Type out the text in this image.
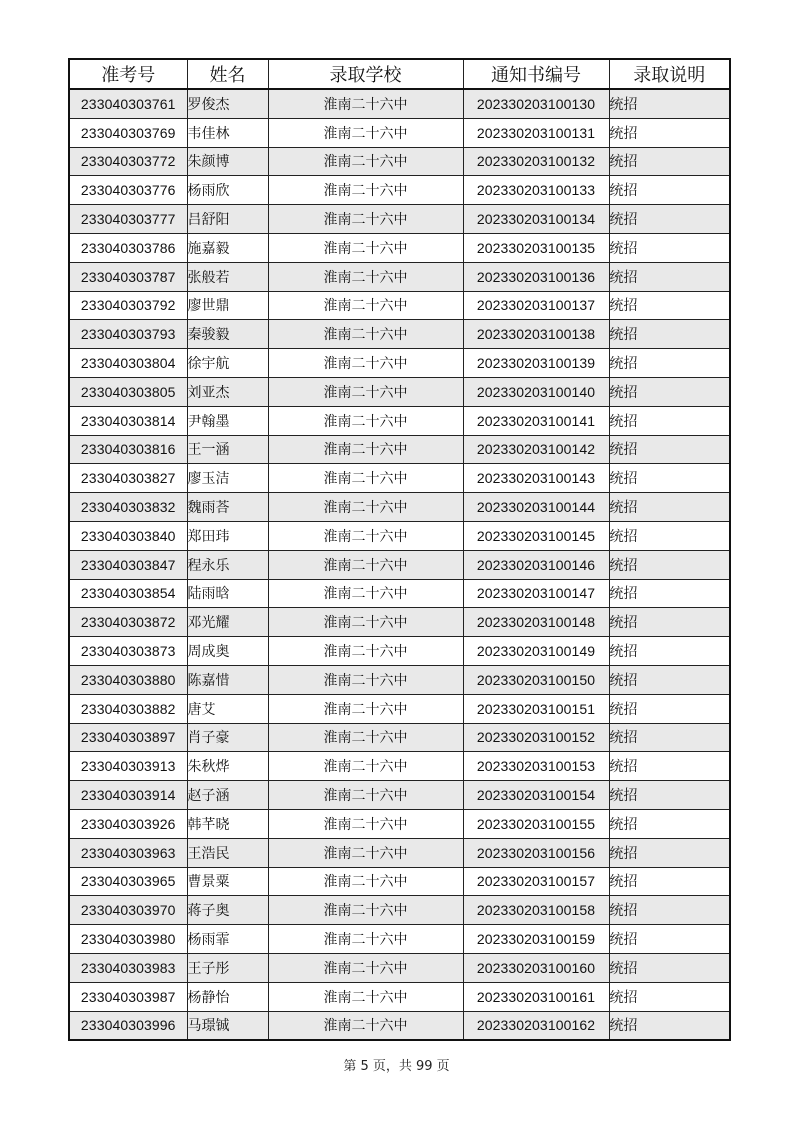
准考号	姓名	录取学校	通知书编号	录取说明
233040303761	罗俊杰	淮南二十六中	202330203100130	统招
233040303769	韦佳林	淮南二十六中	202330203100131	统招
233040303772	朱颜博	淮南二十六中	202330203100132	统招
233040303776	杨雨欣	淮南二十六中	202330203100133	统招
233040303777	吕舒阳	淮南二十六中	202330203100134	统招
233040303786	施嘉毅	淮南二十六中	202330203100135	统招
233040303787	张般若	淮南二十六中	202330203100136	统招
233040303792	廖世鼎	淮南二十六中	202330203100137	统招
233040303793	秦骏毅	淮南二十六中	202330203100138	统招
233040303804	徐宇航	淮南二十六中	202330203100139	统招
233040303805	刘亚杰	淮南二十六中	202330203100140	统招
233040303814	尹翰墨	淮南二十六中	202330203100141	统招
233040303816	王一涵	淮南二十六中	202330203100142	统招
233040303827	廖玉洁	淮南二十六中	202330203100143	统招
233040303832	魏雨荅	淮南二十六中	202330203100144	统招
233040303840	郑田玮	淮南二十六中	202330203100145	统招
233040303847	程永乐	淮南二十六中	202330203100146	统招
233040303854	陆雨晗	淮南二十六中	202330203100147	统招
233040303872	邓光耀	淮南二十六中	202330203100148	统招
233040303873	周成奥	淮南二十六中	202330203100149	统招
233040303880	陈嘉惜	淮南二十六中	202330203100150	统招
233040303882	唐艾	淮南二十六中	202330203100151	统招
233040303897	肖子豪	淮南二十六中	202330203100152	统招
233040303913	朱秋烨	淮南二十六中	202330203100153	统招
233040303914	赵子涵	淮南二十六中	202330203100154	统招
233040303926	韩芊晓	淮南二十六中	202330203100155	统招
233040303963	王浩民	淮南二十六中	202330203100156	统招
233040303965	曹景粟	淮南二十六中	202330203100157	统招
233040303970	蒋子奥	淮南二十六中	202330203100158	统招
233040303980	杨雨霏	淮南二十六中	202330203100159	统招
233040303983	王子彤	淮南二十六中	202330203100160	统招
233040303987	杨静怡	淮南二十六中	202330203100161	统招
233040303996	马璟铖	淮南二十六中	202330203100162	统招
第 5 页，共 99 页
